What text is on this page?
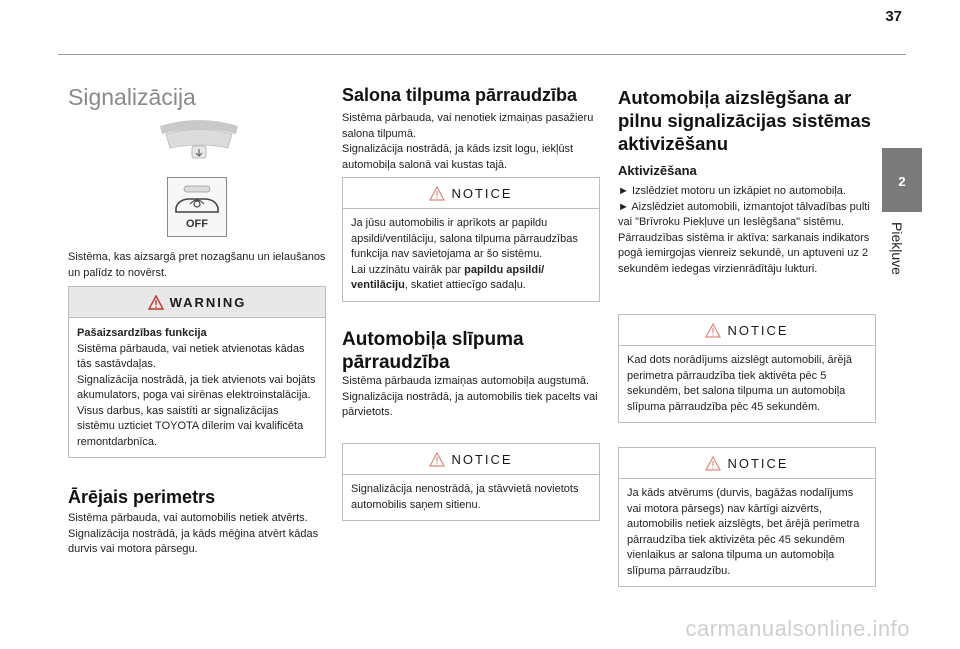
37
2
Piekļuve
Signalizācija
OFF

Sistēma, kas aizsargā pret nozagšanu un ielaušanos un palīdz to novērst.

WARNING
Pašaizsardzības funkcija
Sistēma pārbauda, vai netiek atvienotas kādas tās sastāvdaļas.
Signalizācija nostrādā, ja tiek atvienots vai bojāts akumulators, poga vai sirēnas elektroinstalācija.
Visus darbus, kas saistīti ar signalizācijas sistēmu uzticiet TOYOTA dīlerim vai kvalificēta remontdarbnīca.
Ārējais perimetrs

Sistēma pārbauda, vai automobilis netiek atvērts.
Signalizācija nostrādā, ja kāds mēģina atvērt kādas durvis vai motora pārsegu.

Salona tilpuma pārraudzība

Sistēma pārbauda, vai nenotiek izmaiņas pasažieru salona tilpumā.
Signalizācija nostrādā, ja kāds izsit logu, iekļūst automobiļa salonā vai kustas tajā.

NOTICE
Ja jūsu automobilis ir aprīkots ar papildu apsildi/ventilāciju, salona tilpuma pārraudzības funkcija nav savietojama ar šo sistēmu.
Lai uzzinātu vairāk par papildu apsildi/ ventilāciju, skatiet attiecīgo sadaļu.
Automobiļa slīpuma pārraudzība

Sistēma pārbauda izmaiņas automobiļa augstumā.
Signalizācija nostrādā, ja automobilis tiek pacelts vai pārvietots.

NOTICE
Signalizācija nenostrādā, ja stāvvietā novietots automobilis saņem sitienu.
Automobiļa aizslēgšana ar pilnu signalizācijas sistēmas aktivizēšanu
Aktivizēšana

► Izslēdziet motoru un izkāpiet no automobiļa.
► Aizslēdziet automobili, izmantojot tālvadības pulti vai "Brīvroku Piekļuve un Ieslēgšana" sistēmu.
Pārraudzības sistēma ir aktīva: sarkanais indikators pogā iemirgojas vienreiz sekundē, un aptuveni uz 2 sekundēm iedegas virzienrādītāju lukturi.

NOTICE
Kad dots norādījums aizslēgt automobili, ārējā perimetra pārraudzība tiek aktivēta pēc 5 sekundēm, bet salona tilpuma un automobiļa slīpuma pārraudzība pēc 45 sekundēm.
NOTICE
Ja kāds atvērums (durvis, bagāžas nodalījums vai motora pārsegs) nav kārtīgi aizvērts, automobilis netiek aizslēgts, bet ārējā perimetra pārraudzība tiek aktivizēta pēc 45 sekundēm vienlaikus ar salona tilpuma un automobiļa slīpuma pārraudzību.
carmanualsonline.info
